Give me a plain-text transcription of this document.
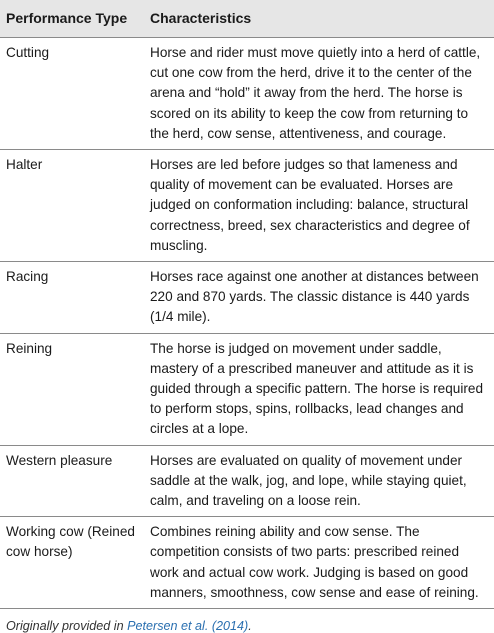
Performance Type	Characteristics
Cutting	Horse and rider must move quietly into a herd of cattle, cut one cow from the herd, drive it to the center of the arena and “hold” it away from the herd. The horse is scored on its ability to keep the cow from returning to the herd, cow sense, attentiveness, and courage.
Halter	Horses are led before judges so that lameness and quality of movement can be evaluated. Horses are judged on conformation including: balance, structural correctness, breed, sex characteristics and degree of muscling.
Racing	Horses race against one another at distances between 220 and 870 yards. The classic distance is 440 yards (1/4 mile).
Reining	The horse is judged on movement under saddle, mastery of a prescribed maneuver and attitude as it is guided through a specific pattern. The horse is required to perform stops, spins, rollbacks, lead changes and circles at a lope.
Western pleasure	Horses are evaluated on quality of movement under saddle at the walk, jog, and lope, while staying quiet, calm, and traveling on a loose rein.
Working cow (Reined cow horse)	Combines reining ability and cow sense. The competition consists of two parts: prescribed reined work and actual cow work. Judging is based on good manners, smoothness, cow sense and ease of reining.
Originally provided in Petersen et al. (2014).
